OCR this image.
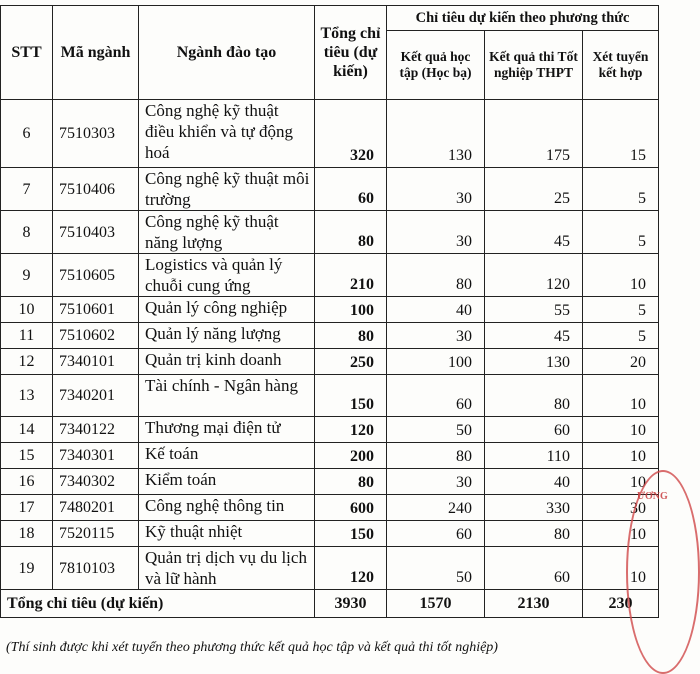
STT	Mã ngành	Ngành đào tạo	Tổng chỉ tiêu (dự kiến)	Chỉ tiêu dự kiến theo phương thức		
				Kết quả học tập (Học bạ)	Kết quả thi Tốt nghiệp THPT	Xét tuyển kết hợp
6	7510303	Công nghệ kỹ thuật điều khiển và tự động hoá	320	130	175	15
7	7510406	Công nghệ kỹ thuật môi trường	60	30	25	5
8	7510403	Công nghệ kỹ thuật năng lượng	80	30	45	5
9	7510605	Logistics và quản lý chuỗi cung ứng	210	80	120	10
10	7510601	Quản lý công nghiệp	100	40	55	5
11	7510602	Quản lý năng lượng	80	30	45	5
12	7340101	Quản trị kinh doanh	250	100	130	20
13	7340201	Tài chính - Ngân hàng	150	60	80	10
14	7340122	Thương mại điện tử	120	50	60	10
15	7340301	Kế toán	200	80	110	10
16	7340302	Kiểm toán	80	30	40	10
17	7480201	Công nghệ thông tin	600	240	330	30
18	7520115	Kỹ thuật nhiệt	150	60	80	10
19	7810103	Quản trị dịch vụ du lịch và lữ hành	120	50	60	10
Tổng chỉ tiêu (dự kiến)			3930	1570	2130	230
ƯƠNG
(Thí sinh được khi xét tuyển theo phương thức kết quả học tập và kết quả thi tốt nghiệp)
